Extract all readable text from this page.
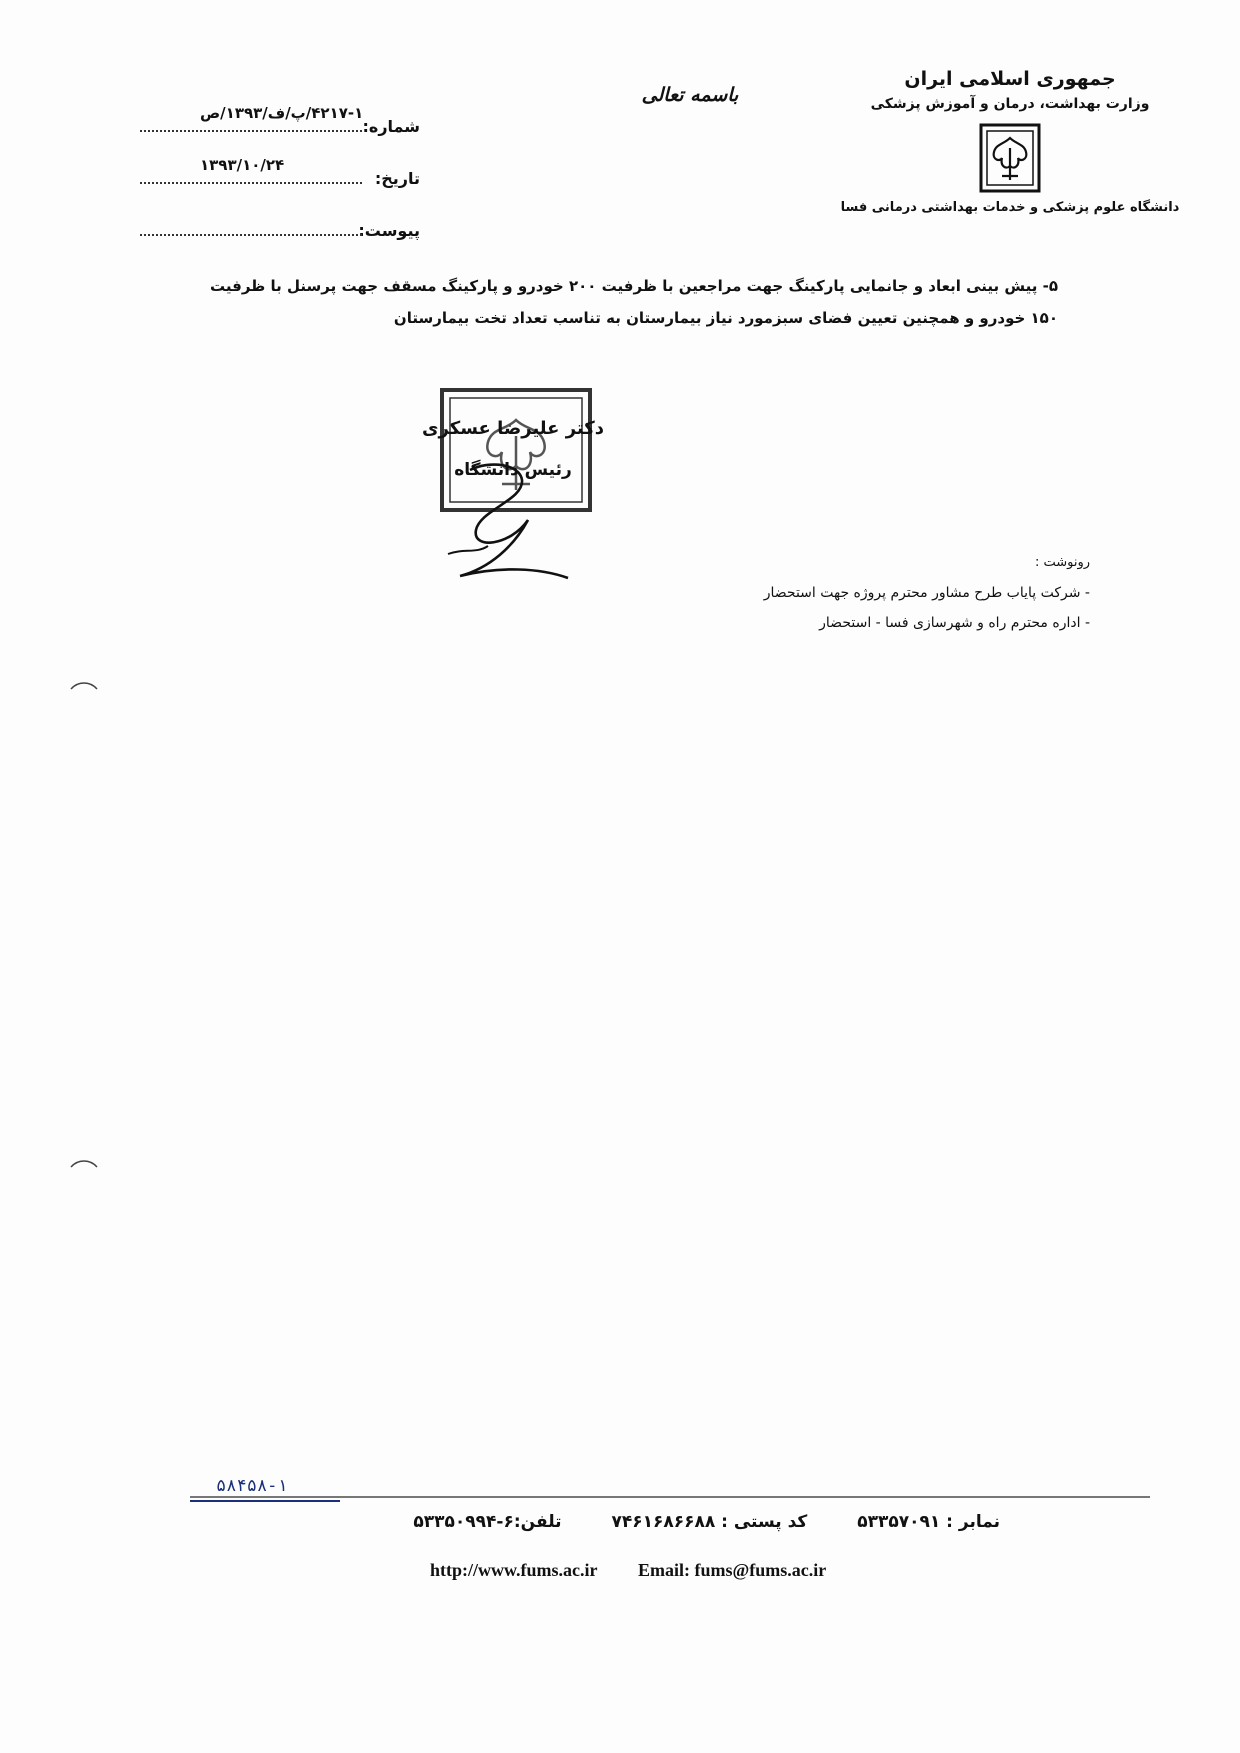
جمهوری اسلامی ایران
وزارت بهداشت، درمان و آموزش پزشکی
دانشگاه علوم پزشکی و خدمات بهداشتی درمانی فسا
باسمه تعالی
شماره:
۴۲۱۷-۱/پ/ف/۱۳۹۳/ص
تاریخ:
۱۳۹۳/۱۰/۲۴
پیوست:

۵- پیش بینی ابعاد و جانمایی پارکینگ جهت مراجعین با ظرفیت ۲۰۰ خودرو و پارکینگ مسقف جهت پرسنل با ظرفیت ۱۵۰ خودرو و همچنین تعیین فضای سبزمورد نیاز بیمارستان به تناسب تعداد تخت بیمارستان

دکتر علیرضا عسکری
رئیس دانشگاه
رونوشت :
- شرکت پایاب طرح مشاور محترم پروژه جهت استحضار
- اداره محترم راه و شهرسازی فسا - استحضار
۵۸۴۵۸-۱
نمابر : ۵۳۳۵۷۰۹۱ کد پستی : ۷۴۶۱۶۸۶۶۸۸ تلفن:۶-۵۳۳۵۰۹۹۴
http://www.fums.ac.ir Email: fums@fums.ac.ir
